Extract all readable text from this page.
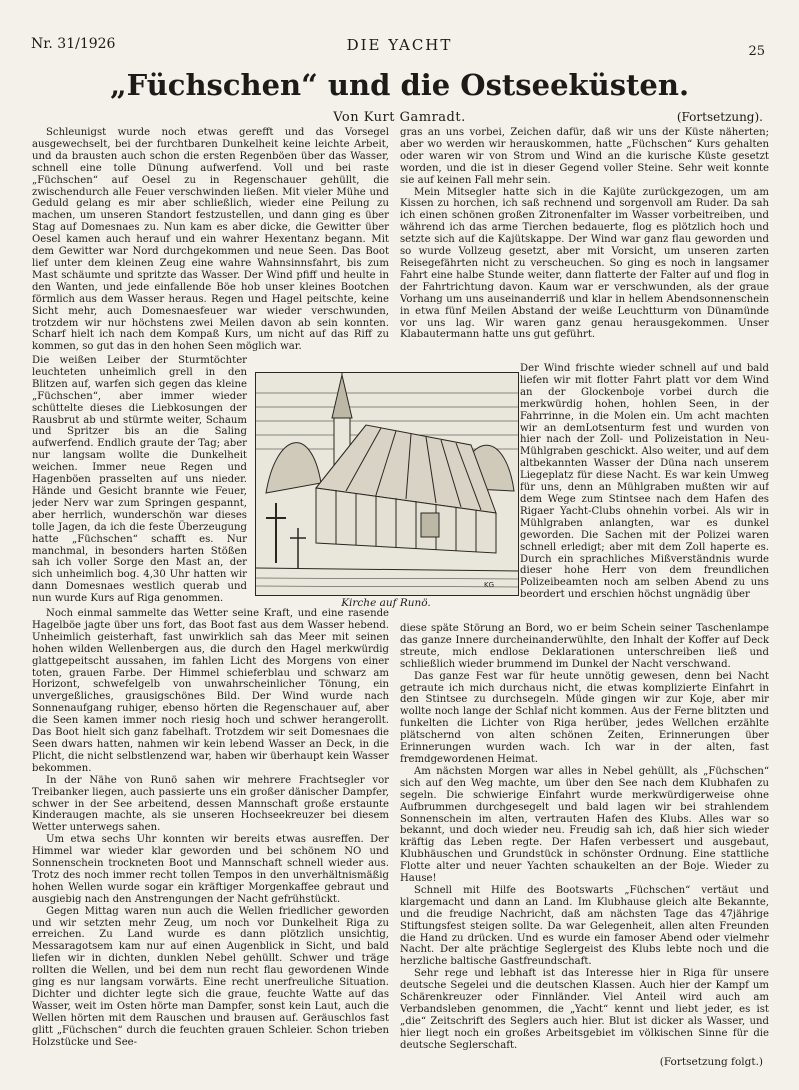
Nr. 31/1926	DIE YACHT	25
„Füchschen“ und die Ostseeküsten.
Von Kurt Gamradt.	(Fortsetzung).

Schleunigst wurde noch etwas gerefft und das Vorsegel ausgewechselt, bei der furchtbaren Dunkelheit keine leichte Arbeit, und da brausten auch schon die ersten Regenböen über das Wasser, schnell eine tolle Dünung aufwerfend. Voll und bei raste „Füchschen“ auf Oesel zu in Regenschauer gehüllt, die zwischendurch alle Feuer verschwinden ließen. Mit vieler Mühe und Geduld gelang es mir aber schließlich, wieder eine Peilung zu machen, um unseren Standort festzustellen, und dann ging es über Stag auf Domesnaes zu. Nun kam es aber dicke, die Gewitter über Oesel kamen auch herauf und ein wahrer Hexentanz begann. Mit dem Gewitter war Nord durchgekommen und neue Seen. Das Boot lief unter dem kleinen Zeug eine wahre Wahnsinnsfahrt, bis zum Mast schäumte und spritzte das Wasser. Der Wind pfiff und heulte in den Wanten, und jede einfallende Böe hob unser kleines Bootchen förmlich aus dem Wasser heraus. Regen und Hagel peitschte, keine Sicht mehr, auch Domesnaesfeuer war wieder verschwunden, trotzdem wir nur höchstens zwei Meilen davon ab sein konnten. Scharf hielt ich nach dem Kompaß Kurs, um nicht auf das Riff zu kommen, so gut das in den hohen Seen möglich war.

Die weißen Leiber der Sturmtöchter leuchteten unheimlich grell in den Blitzen auf, warfen sich gegen das kleine „Füchschen“, aber immer wieder schüttelte dieses die Liebkosungen der Rausbrut ab und stürmte weiter, Schaum und Spritzer bis an die Saling aufwerfend. Endlich graute der Tag; aber nur langsam wollte die Dunkelheit weichen. Immer neue Regen und Hagenböen prasselten auf uns nieder. Hände und Gesicht brannte wie Feuer, jeder Nerv war zum Springen gespannt, aber herrlich, wunderschön war dieses tolle Jagen, da ich die feste Überzeugung hatte „Füchschen“ schafft es. Nur manchmal, in besonders harten Stößen sah ich voller Sorge den Mast an, der sich unheimlich bog. 4,30 Uhr hatten wir dann Domesnaes westlich querab und nun wurde Kurs auf Riga genommen.

Noch einmal sammelte das Wetter seine Kraft, und eine rasende Hagelböe jagte über uns fort, das Boot fast aus dem Wasser hebend. Unheimlich geisterhaft, fast unwirklich sah das Meer mit seinen hohen wilden Wellenbergen aus, die durch den Hagel merkwürdig glattgepeitscht aussahen, im fahlen Licht des Morgens von einer toten, grauen Farbe. Der Himmel schieferblau und schwarz am Horizont, schwefelgelb von unwahrscheinlicher Tönung, ein unvergeßliches, grausigschönes Bild. Der Wind wurde nach Sonnenaufgang ruhiger, ebenso hörten die Regenschauer auf, aber die Seen kamen immer noch riesig hoch und schwer herangerollt. Das Boot hielt sich ganz fabelhaft. Trotzdem wir seit Domesnaes die Seen dwars hatten, nahmen wir kein lebend Wasser an Deck, in die Plicht, die nicht selbstlenzend war, haben wir überhaupt kein Wasser bekommen.

In der Nähe von Runö sahen wir mehrere Frachtsegler vor Treibanker liegen, auch passierte uns ein großer dänischer Dampfer, schwer in der See arbeitend, dessen Mannschaft große erstaunte Kinderaugen machte, als sie unseren Hochseekreuzer bei diesem Wetter unterwegs sahen.

Um etwa sechs Uhr konnten wir bereits etwas ausreffen. Der Himmel war wieder klar geworden und bei schönem NO und Sonnenschein trockneten Boot und Mannschaft schnell wieder aus. Trotz des noch immer recht tollen Tempos in den unverhältnismäßig hohen Wellen wurde sogar ein kräftiger Morgenkaffee gebraut und ausgiebig nach den Anstrengungen der Nacht gefrühstückt.

Gegen Mittag waren nun auch die Wellen friedlicher geworden und wir setzten mehr Zeug, um noch vor Dunkelheit Riga zu erreichen. Zu Land wurde es dann plötzlich unsichtig, Messaragotsem kam nur auf einen Augenblick in Sicht, und bald liefen wir in dichten, dunklen Nebel gehüllt. Schwer und träge rollten die Wellen, und bei dem nun recht flau gewordenen Winde ging es nur langsam vorwärts. Eine recht unerfreuliche Situation. Dichter und dichter legte sich die graue, feuchte Watte auf das Wasser, weit im Osten hörte man Dampfer, sonst kein Laut, auch die Wellen hörten mit dem Rauschen und brausen auf. Geräuschlos fast glitt „Füchschen“ durch die feuchten grauen Schleier. Schon trieben Holzstücke und See-

gras an uns vorbei, Zeichen dafür, daß wir uns der Küste näherten; aber wo werden wir herauskommen, hatte „Füchschen“ Kurs gehalten oder waren wir von Strom und Wind an die kurische Küste gesetzt worden, und die ist in dieser Gegend voller Steine. Sehr weit konnte sie auf keinen Fall mehr sein.

Mein Mitsegler hatte sich in die Kajüte zurückgezogen, um am Kissen zu horchen, ich saß rechnend und sorgenvoll am Ruder. Da sah ich einen schönen großen Zitronenfalter im Wasser vorbeitreiben, und während ich das arme Tierchen bedauerte, flog es plötzlich hoch und setzte sich auf die Kajütskappe. Der Wind war ganz flau geworden und so wurde Vollzeug gesetzt, aber mit Vorsicht, um unseren zarten Reisegefährten nicht zu verscheuchen. So ging es noch in langsamer Fahrt eine halbe Stunde weiter, dann flatterte der Falter auf und flog in der Fahrtrichtung davon. Kaum war er verschwunden, als der graue Vorhang um uns auseinanderriß und klar in hellem Abendsonnenschein in etwa fünf Meilen Abstand der weiße Leuchtturm von Dünamünde vor uns lag. Wir waren ganz genau herausgekommen. Unser Klabautermann hatte uns gut geführt.

Der Wind frischte wieder schnell auf und bald liefen wir mit flotter Fahrt platt vor dem Wind an der Glockenboje vorbei durch die merkwürdig hohen, hohlen Seen, in der Fahrrinne, in die Molen ein. Um acht machten wir an demLotsenturm fest und wurden von hier nach der Zoll- und Polizeistation in Neu-Mühlgraben geschickt. Also weiter, und auf dem altbekannten Wasser der Düna nach unserem Liegeplatz für diese Nacht. Es war kein Umweg für uns, denn an Mühlgraben mußten wir auf dem Wege zum Stintsee nach dem Hafen des Rigaer Yacht-Clubs ohnehin vorbei. Als wir in Mühlgraben anlangten, war es dunkel geworden. Die Sachen mit der Polizei waren schnell erledigt; aber mit dem Zoll haperte es. Durch ein sprachliches Mißverständnis wurde dieser hohe Herr von dem freundlichen Polizeibeamten noch am selben Abend zu uns beordert und erschien höchst ungnädig über

diese späte Störung an Bord, wo er beim Schein seiner Taschenlampe das ganze Innere durcheinanderwühlte, den Inhalt der Koffer auf Deck streute, mich endlose Deklarationen unterschreiben ließ und schließlich wieder brummend im Dunkel der Nacht verschwand.

Das ganze Fest war für heute unnötig gewesen, denn bei Nacht getraute ich mich durchaus nicht, die etwas komplizierte Einfahrt in den Stintsee zu durchsegeln. Müde gingen wir zur Koje, aber mir wollte noch lange der Schlaf nicht kommen. Aus der Ferne blitzten und funkelten die Lichter von Riga herüber, jedes Wellchen erzählte plätschernd von alten schönen Zeiten, Erinnerungen über Erinnerungen wurden wach. Ich war in der alten, fast fremdgewordenen Heimat.

Am nächsten Morgen war alles in Nebel gehüllt, als „Füchschen“ sich auf den Weg machte, um über den See nach dem Klubhafen zu segeln. Die schwierige Einfahrt wurde merkwürdigerweise ohne Aufbrummen durchgesegelt und bald lagen wir bei strahlendem Sonnenschein im alten, vertrauten Hafen des Klubs. Alles war so bekannt, und doch wieder neu. Freudig sah ich, daß hier sich wieder kräftig das Leben regte. Der Hafen verbessert und ausgebaut, Klubhäuschen und Grundstück in schönster Ordnung. Eine stattliche Flotte alter und neuer Yachten schaukelten an der Boje. Wieder zu Hause!

Schnell mit Hilfe des Bootswarts „Füchschen“ vertäut und klargemacht und dann an Land. Im Klubhause gleich alte Bekannte, und die freudige Nachricht, daß am nächsten Tage das 47jährige Stiftungsfest steigen sollte. Da war Gelegenheit, allen alten Freunden die Hand zu drücken. Und es wurde ein famoser Abend oder vielmehr Nacht. Der alte prächtige Seglergeist des Klubs lebte noch und die herzliche baltische Gastfreundschaft.

Sehr rege und lebhaft ist das Interesse hier in Riga für unsere deutsche Segelei und die deutschen Klassen. Auch hier der Kampf um Schärenkreuzer oder Finnländer. Viel Anteil wird auch am Verbandsleben genommen, die „Yacht“ kennt und liebt jeder, es ist „die“ Zeitschrift des Seglers auch hier. Blut ist dicker als Wasser, und hier liegt noch ein großes Arbeitsgebiet im völkischen Sinne für die deutsche Seglerschaft.

(Fortsetzung folgt.)
KG
Kirche auf Runö.
